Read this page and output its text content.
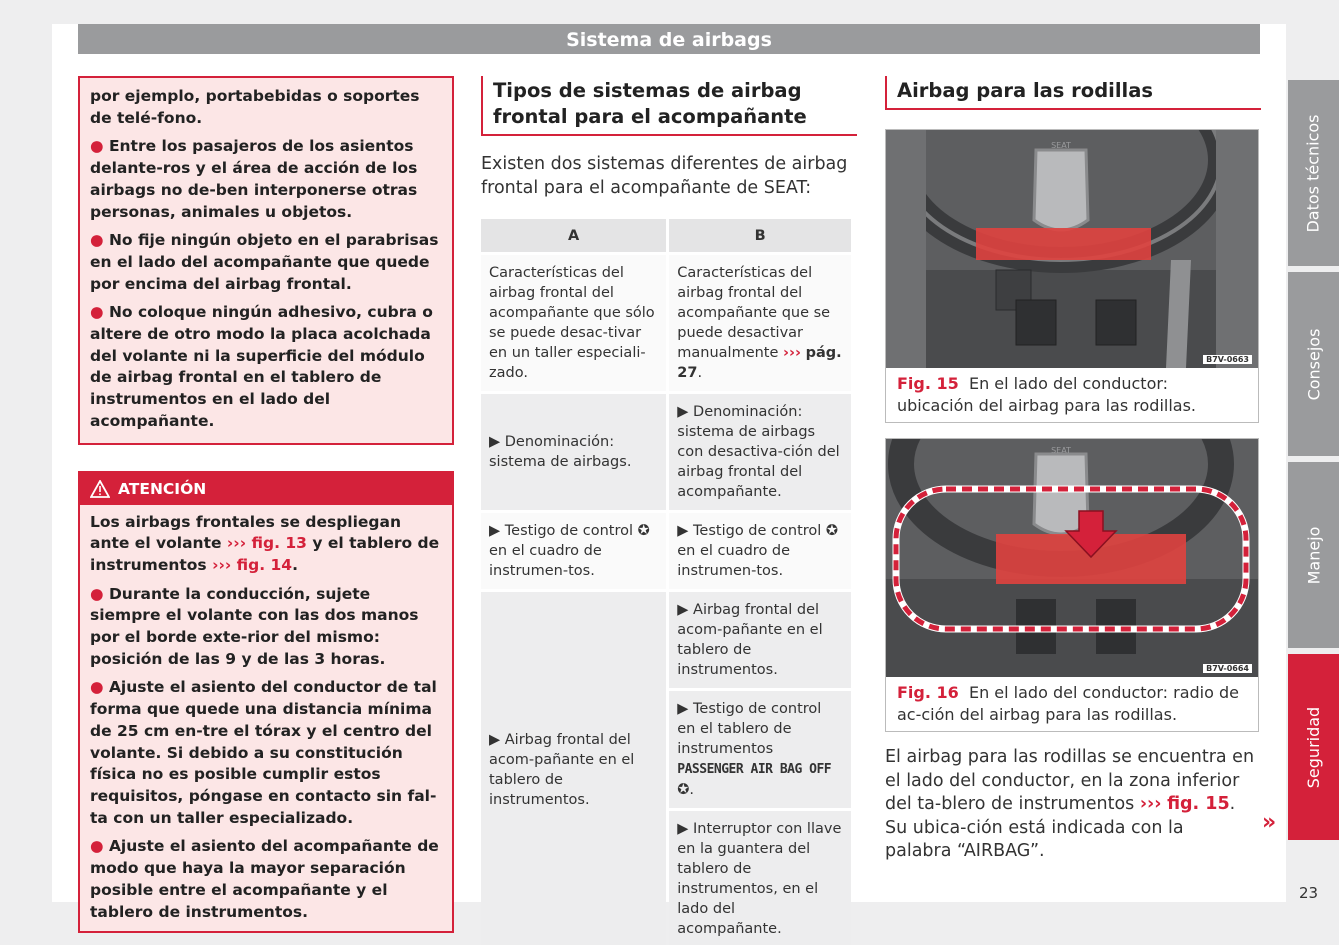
Sistema de airbags

por ejemplo, portabebidas o soportes de telé-fono.

● Entre los pasajeros de los asientos delante-ros y el área de acción de los airbags no de-ben interponerse otras personas, animales u objetos.

● No fije ningún objeto en el parabrisas en el lado del acompañante que quede por encima del airbag frontal.

● No coloque ningún adhesivo, cubra o altere de otro modo la placa acolchada del volante ni la superficie del módulo de airbag frontal en el tablero de instrumentos en el lado del acompañante.

ATENCIÓN

Los airbags frontales se despliegan ante el volante ››› fig. 13 y el tablero de instrumentos ››› fig. 14.

● Durante la conducción, sujete siempre el volante con las dos manos por el borde exte-rior del mismo: posición de las 9 y de las 3 horas.

● Ajuste el asiento del conductor de tal forma que quede una distancia mínima de 25 cm en-tre el tórax y el centro del volante. Si debido a su constitución física no es posible cumplir estos requisitos, póngase en contacto sin fal-ta con un taller especializado.

● Ajuste el asiento del acompañante de modo que haya la mayor separación posible entre el acompañante y el tablero de instrumentos.

Tipos de sistemas de airbag frontal para el acompañante
Existen dos sistemas diferentes de airbag frontal para el acompañante de SEAT:
A	B
Características del airbag frontal del acompañante que sólo se puede desac-tivar en un taller especiali-zado.	Características del airbag frontal del acompañante que se puede desactivar manualmente ››› pág. 27.
▶ Denominación: sistema de airbags.	▶ Denominación: sistema de airbags con desactiva-ción del airbag frontal del acompañante.
▶ Testigo de control ✪ en el cuadro de instrumen-tos.	▶ Testigo de control ✪ en el cuadro de instrumen-tos.
▶ Airbag frontal del acom-pañante en el tablero de instrumentos.	▶ Airbag frontal del acom-pañante en el tablero de instrumentos.
	▶ Testigo de control en el tablero de instrumentos PASSENGER AIR BAG OFF ✪.
	▶ Interruptor con llave en la guantera del tablero de instrumentos, en el lado del acompañante.
Airbag para las rodillas
SEAT
B7V-0663
Fig. 15 En el lado del conductor: ubicación del airbag para las rodillas.
SEAT
B7V-0664
Fig. 16 En el lado del conductor: radio de ac-ción del airbag para las rodillas.
El airbag para las rodillas se encuentra en el lado del conductor, en la zona inferior del ta-blero de instrumentos ››› fig. 15. Su ubica-ción está indicada con la palabra “AIRBAG”.
»
Datos técnicos
Consejos
Manejo
Seguridad
23
